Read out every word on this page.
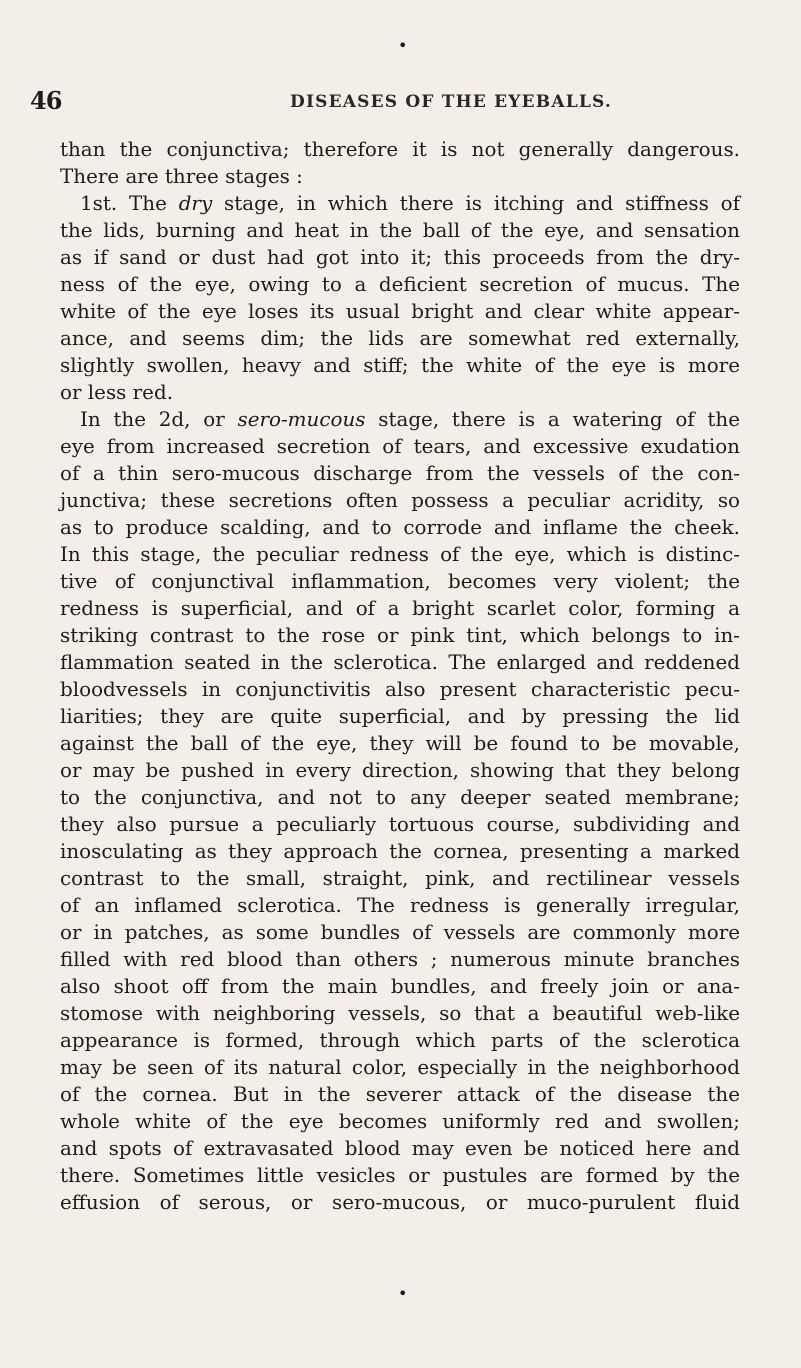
46	DISEASES OF THE EYEBALLS.
•
•
than the conjunctiva; therefore it is not generally dangerous.
There are three stages :
1st. The dry stage, in which there is itching and stiffness of
the lids, burning and heat in the ball of the eye, and sensation
as if sand or dust had got into it; this proceeds from the dry-
ness of the eye, owing to a deficient secretion of mucus. The
white of the eye loses its usual bright and clear white appear-
ance, and seems dim; the lids are somewhat red externally,
slightly swollen, heavy and stiff; the white of the eye is more
or less red.
In the 2d, or sero-mucous stage, there is a watering of the
eye from increased secretion of tears, and excessive exudation
of a thin sero-mucous discharge from the vessels of the con-
junctiva; these secretions often possess a peculiar acridity, so
as to produce scalding, and to corrode and inflame the cheek.
In this stage, the peculiar redness of the eye, which is distinc-
tive of conjunctival inflammation, becomes very violent; the
redness is superficial, and of a bright scarlet color, forming a
striking contrast to the rose or pink tint, which belongs to in-
flammation seated in the sclerotica. The enlarged and reddened
bloodvessels in conjunctivitis also present characteristic pecu-
liarities; they are quite superficial, and by pressing the lid
against the ball of the eye, they will be found to be movable,
or may be pushed in every direction, showing that they belong
to the conjunctiva, and not to any deeper seated membrane;
they also pursue a peculiarly tortuous course, subdividing and
inosculating as they approach the cornea, presenting a marked
contrast to the small, straight, pink, and rectilinear vessels
of an inflamed sclerotica. The redness is generally irregular,
or in patches, as some bundles of vessels are commonly more
filled with red blood than others ; numerous minute branches
also shoot off from the main bundles, and freely join or ana-
stomose with neighboring vessels, so that a beautiful web-like
appearance is formed, through which parts of the sclerotica
may be seen of its natural color, especially in the neighborhood
of the cornea. But in the severer attack of the disease the
whole white of the eye becomes uniformly red and swollen;
and spots of extravasated blood may even be noticed here and
there. Sometimes little vesicles or pustules are formed by the
effusion of serous, or sero-mucous, or muco-purulent fluid
